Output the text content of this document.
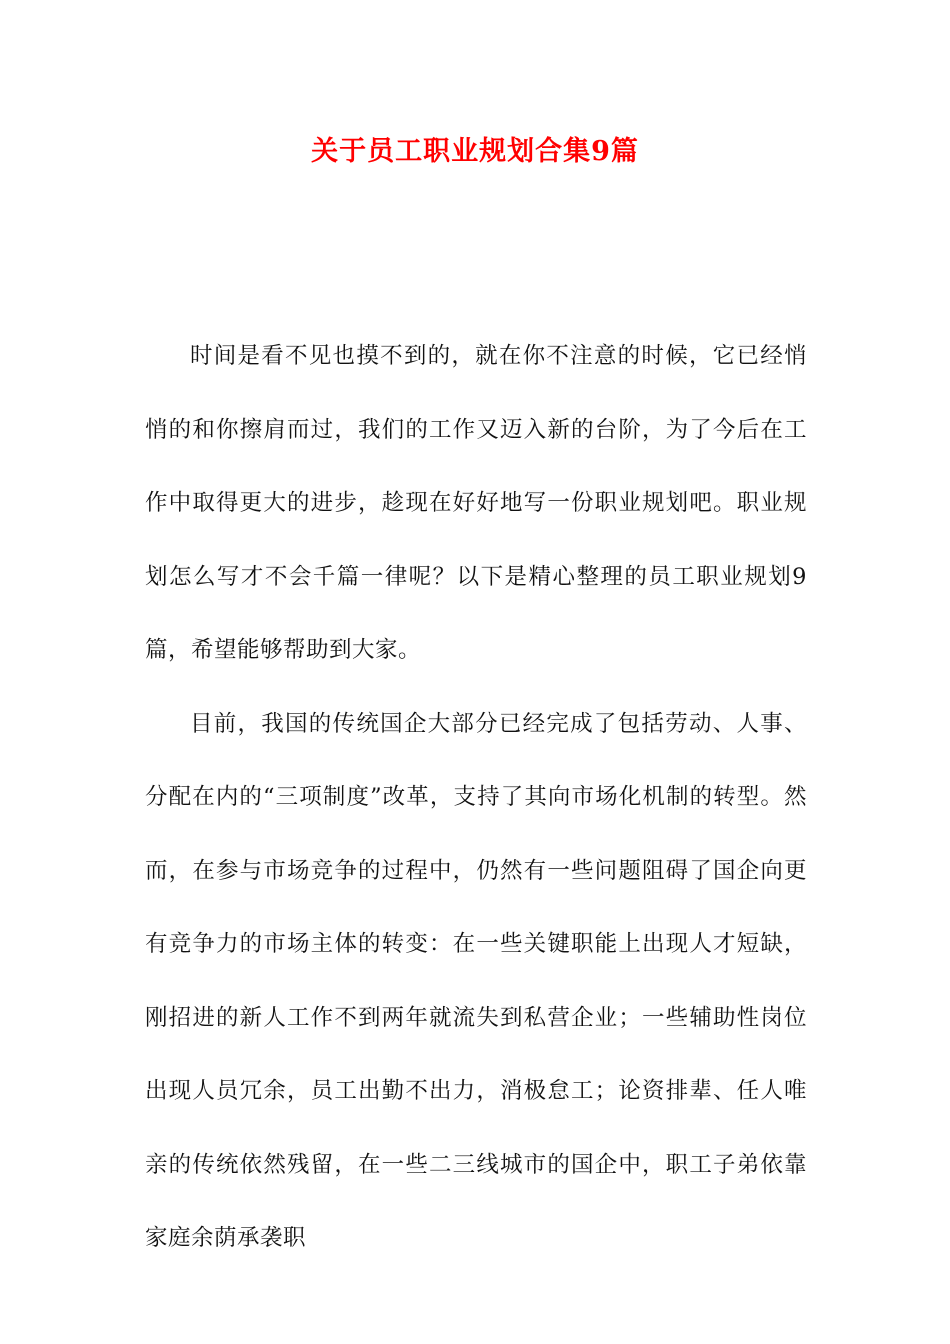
关于员工职业规划合集9篇

时间是看不见也摸不到的，就在你不注意的时候，它已经悄悄的和你擦肩而过，我们的工作又迈入新的台阶，为了今后在工作中取得更大的进步，趁现在好好地写一份职业规划吧。职业规划怎么写才不会千篇一律呢？以下是精心整理的员工职业规划9篇，希望能够帮助到大家。

目前，我国的传统国企大部分已经完成了包括劳动、人事、分配在内的“三项制度”改革，支持了其向市场化机制的转型。然而，在参与市场竞争的过程中，仍然有一些问题阻碍了国企向更有竞争力的市场主体的转变：在一些关键职能上出现人才短缺，刚招进的新人工作不到两年就流失到私营企业；一些辅助性岗位出现人员冗余，员工出勤不出力，消极怠工；论资排辈、任人唯亲的传统依然残留，在一些二三线城市的国企中，职工子弟依靠家庭余荫承袭职
